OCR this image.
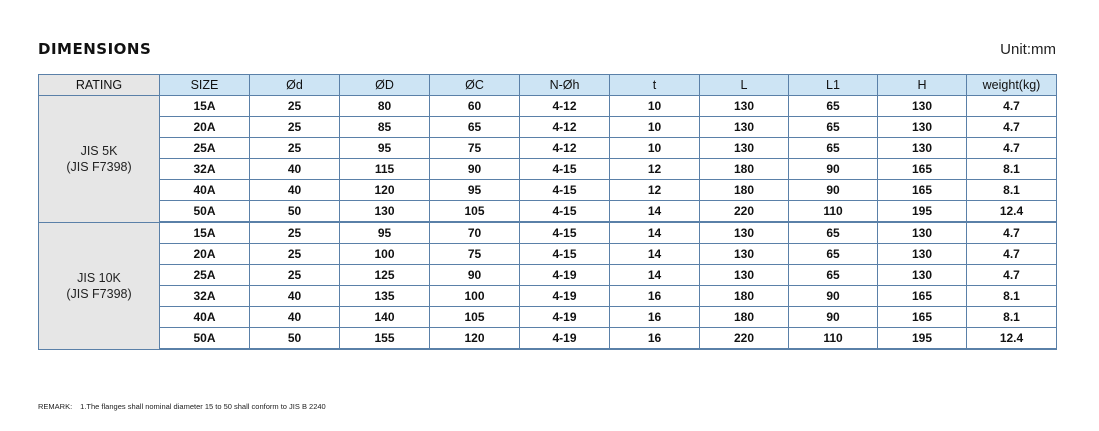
DIMENSIONS	Unit:mm
RATING	SIZE	Ød	ØD	ØC	N-Øh	t	L	L1	H	weight(kg)

JIS 5K
(JIS F7398)	15A	25	80	60	4-12	10	130	65	130	4.7
	20A	25	85	65	4-12	10	130	65	130	4.7
	25A	25	95	75	4-12	10	130	65	130	4.7
	32A	40	115	90	4-15	12	180	90	165	8.1
	40A	40	120	95	4-15	12	180	90	165	8.1
	50A	50	130	105	4-15	14	220	110	195	12.4

JIS 10K
(JIS F7398)	15A	25	95	70	4-15	14	130	65	130	4.7
	20A	25	100	75	4-15	14	130	65	130	4.7
	25A	25	125	90	4-19	14	130	65	130	4.7
	32A	40	135	100	4-19	16	180	90	165	8.1
	40A	40	140	105	4-19	16	180	90	165	8.1
	50A	50	155	120	4-19	16	220	110	195	12.4
REMARK: 1.The flanges shall nominal diameter 15 to 50 shall conform to JIS B 2240
